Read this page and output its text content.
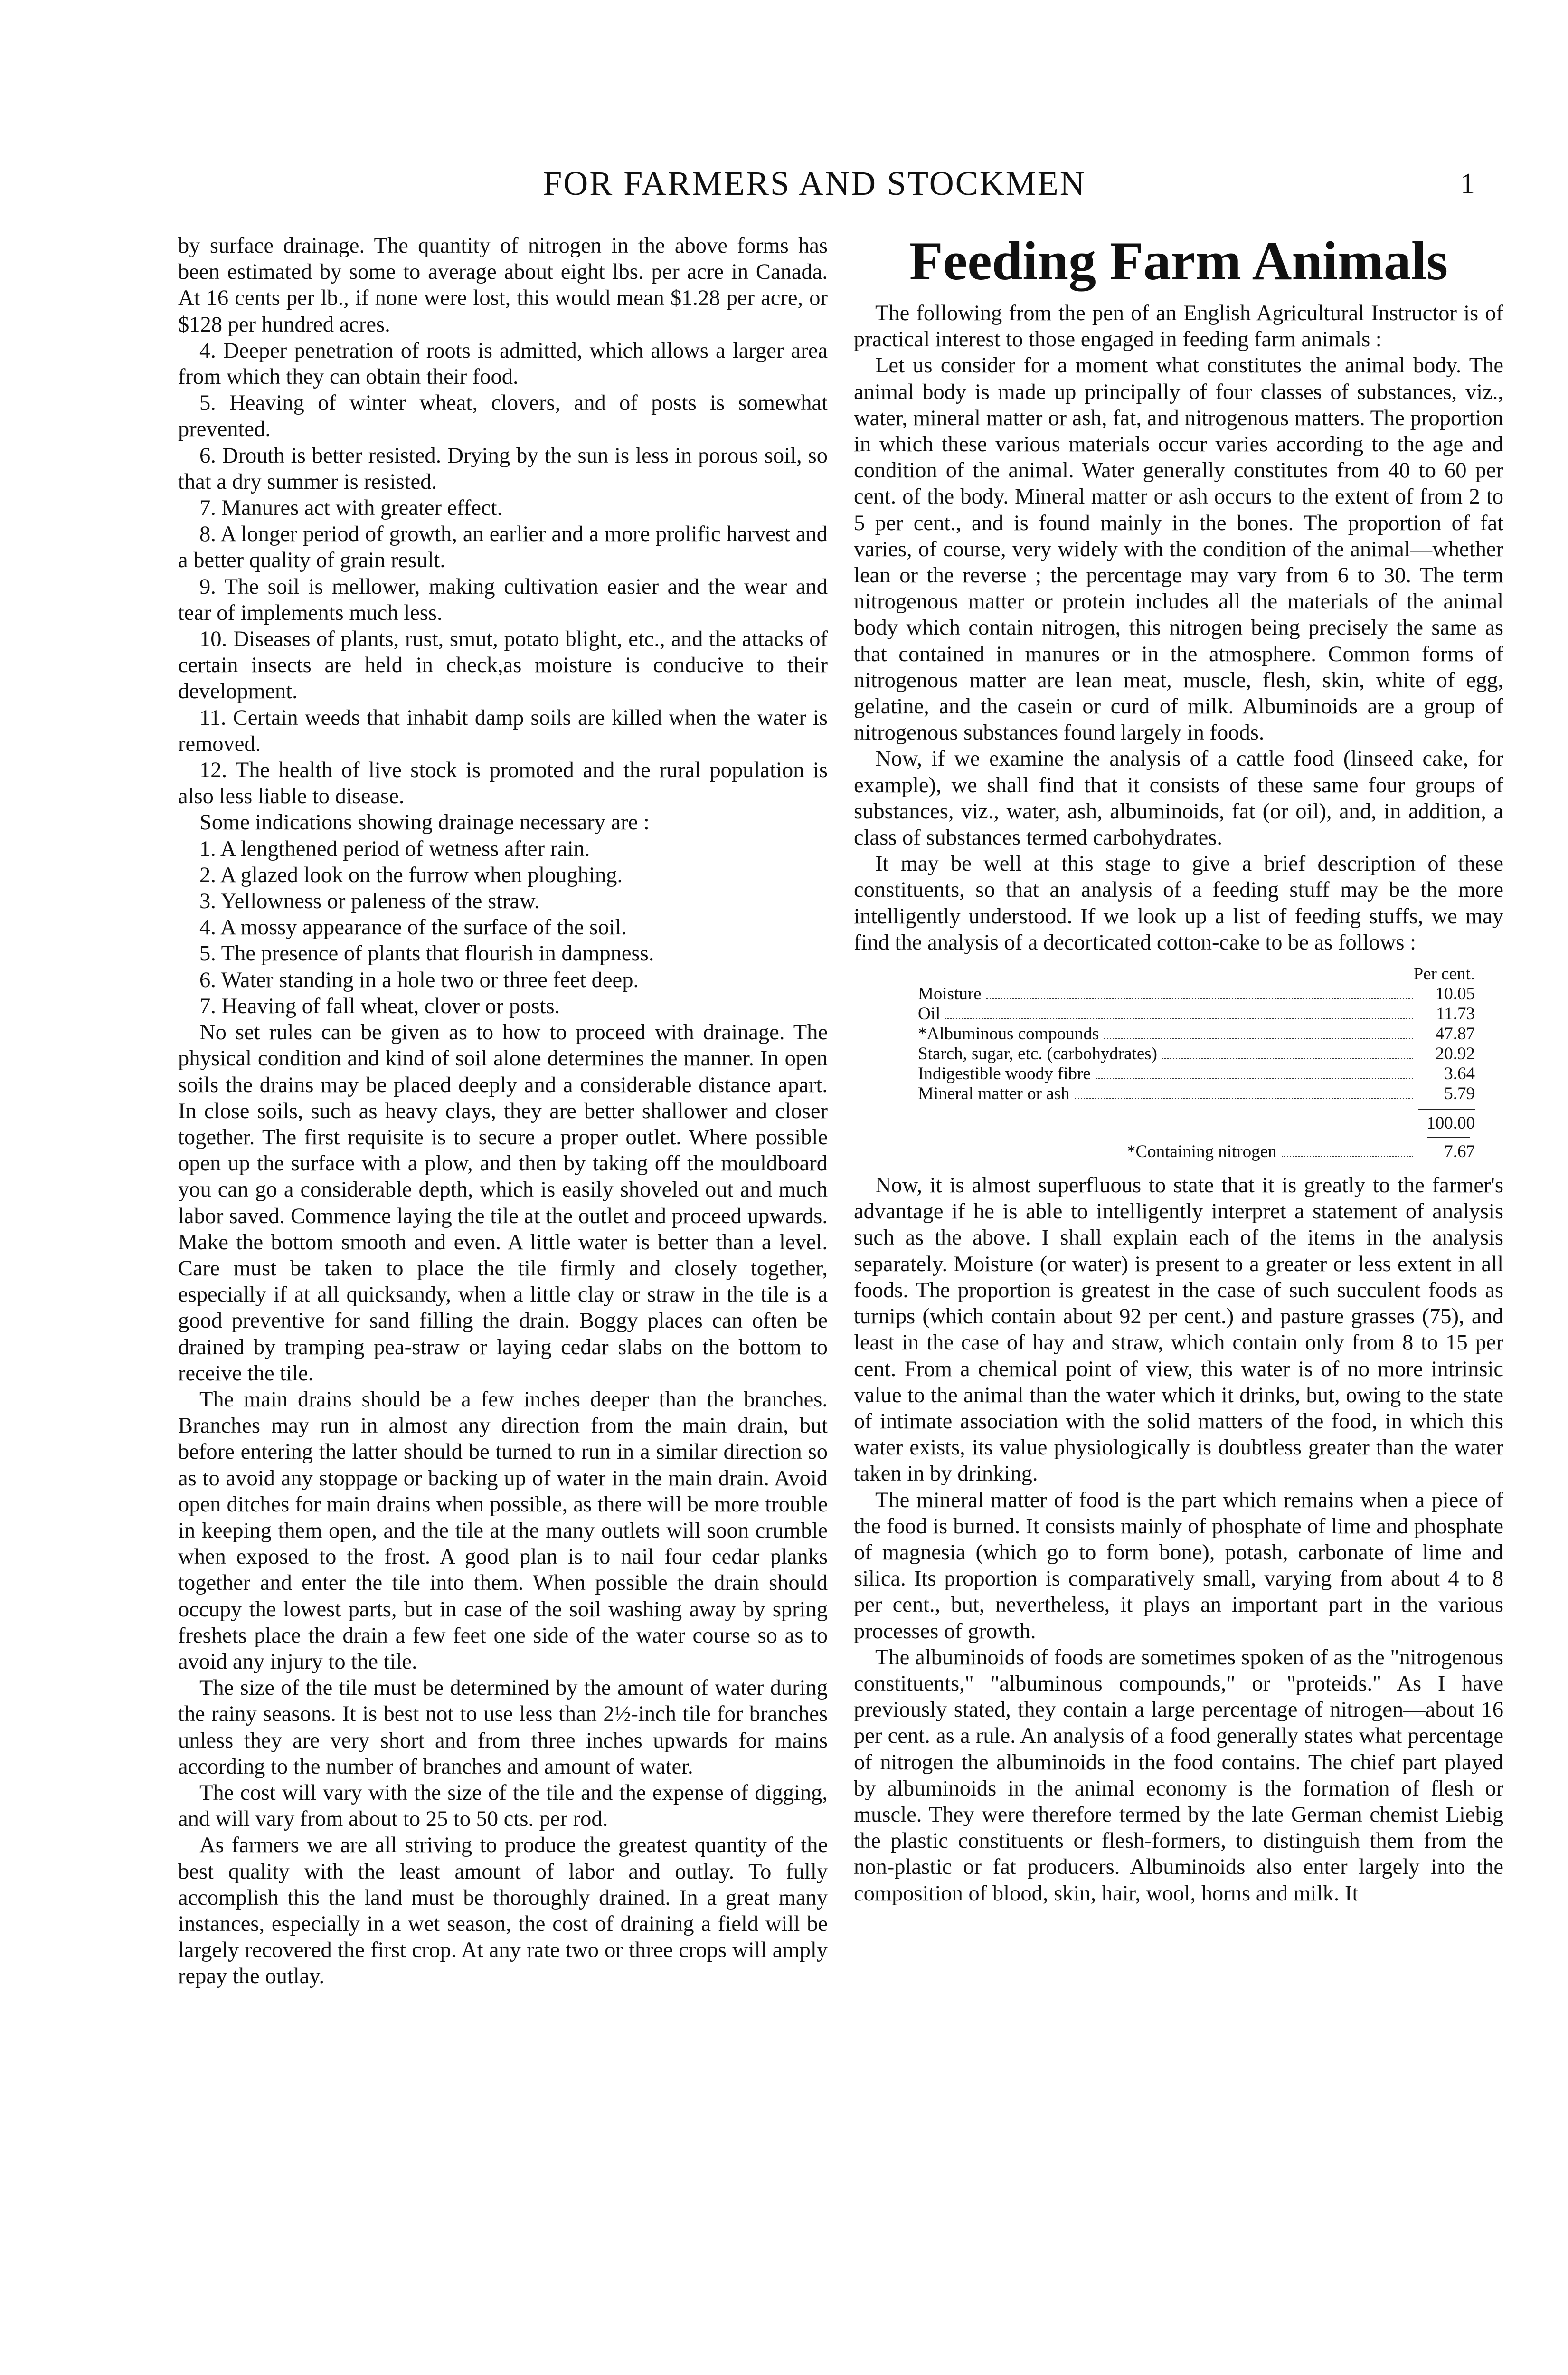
FOR FARMERS AND STOCKMEN	1

by surface drainage. The quantity of nitrogen in the above forms has been estimated by some to average about eight lbs. per acre in Canada. At 16 cents per lb., if none were lost, this would mean $1.28 per acre, or $128 per hundred acres.

4. Deeper penetration of roots is admitted, which allows a larger area from which they can obtain their food.

5. Heaving of winter wheat, clovers, and of posts is somewhat prevented.

6. Drouth is better resisted. Drying by the sun is less in porous soil, so that a dry summer is resisted.

7. Manures act with greater effect.

8. A longer period of growth, an earlier and a more prolific harvest and a better quality of grain result.

9. The soil is mellower, making cultivation easier and the wear and tear of implements much less.

10. Diseases of plants, rust, smut, potato blight, etc., and the attacks of certain insects are held in check,as moisture is conducive to their development.

11. Certain weeds that inhabit damp soils are killed when the water is removed.

12. The health of live stock is promoted and the rural population is also less liable to disease.

Some indications showing drainage necessary are :

1. A lengthened period of wetness after rain.

2. A glazed look on the furrow when ploughing.

3. Yellowness or paleness of the straw.

4. A mossy appearance of the surface of the soil.

5. The presence of plants that flourish in dampness.

6. Water standing in a hole two or three feet deep.

7. Heaving of fall wheat, clover or posts.

No set rules can be given as to how to proceed with drainage. The physical condition and kind of soil alone determines the manner. In open soils the drains may be placed deeply and a considerable distance apart. In close soils, such as heavy clays, they are better shallower and closer together. The first requisite is to secure a proper outlet. Where possible open up the surface with a plow, and then by taking off the mouldboard you can go a considerable depth, which is easily shoveled out and much labor saved. Commence laying the tile at the outlet and proceed upwards. Make the bottom smooth and even. A little water is better than a level. Care must be taken to place the tile firmly and closely together, especially if at all quicksandy, when a little clay or straw in the tile is a good preventive for sand filling the drain. Boggy places can often be drained by tramping pea-straw or laying cedar slabs on the bottom to receive the tile.

The main drains should be a few inches deeper than the branches. Branches may run in almost any direction from the main drain, but before entering the latter should be turned to run in a similar direction so as to avoid any stoppage or backing up of water in the main drain. Avoid open ditches for main drains when possible, as there will be more trouble in keeping them open, and the tile at the many outlets will soon crumble when exposed to the frost. A good plan is to nail four cedar planks together and enter the tile into them. When possible the drain should occupy the lowest parts, but in case of the soil washing away by spring freshets place the drain a few feet one side of the water course so as to avoid any injury to the tile.

The size of the tile must be determined by the amount of water during the rainy seasons. It is best not to use less than 2½-inch tile for branches unless they are very short and from three inches upwards for mains according to the number of branches and amount of water.

The cost will vary with the size of the tile and the expense of digging, and will vary from about to 25 to 50 cts. per rod.

As farmers we are all striving to produce the greatest quantity of the best quality with the least amount of labor and outlay. To fully accomplish this the land must be thoroughly drained. In a great many instances, especially in a wet season, the cost of draining a field will be largely recovered the first crop. At any rate two or three crops will amply repay the outlay.

Feeding Farm Animals

The following from the pen of an English Agricultural Instructor is of practical interest to those engaged in feeding farm animals :

Let us consider for a moment what constitutes the animal body. The animal body is made up principally of four classes of substances, viz., water, mineral matter or ash, fat, and nitrogenous matters. The proportion in which these various materials occur varies according to the age and condition of the animal. Water generally constitutes from 40 to 60 per cent. of the body. Mineral matter or ash occurs to the extent of from 2 to 5 per cent., and is found mainly in the bones. The proportion of fat varies, of course, very widely with the condition of the animal—whether lean or the reverse ; the percentage may vary from 6 to 30. The term nitrogenous matter or protein includes all the materials of the animal body which contain nitrogen, this nitrogen being precisely the same as that contained in manures or in the atmosphere. Common forms of nitrogenous matter are lean meat, muscle, flesh, skin, white of egg, gelatine, and the casein or curd of milk. Albuminoids are a group of nitrogenous substances found largely in foods.

Now, if we examine the analysis of a cattle food (linseed cake, for example), we shall find that it consists of these same four groups of substances, viz., water, ash, albuminoids, fat (or oil), and, in addition, a class of substances termed carbohydrates.

It may be well at this stage to give a brief description of these constituents, so that an analysis of a feeding stuff may be the more intelligently understood. If we look up a list of feeding stuffs, we may find the analysis of a decorticated cotton-cake to be as follows :

Per cent.
Moisture	10.05
Oil	11.73
*Albuminous compounds	47.87
Starch, sugar, etc. (carbohydrates)	20.92
Indigestible woody fibre	3.64
Mineral matter or ash	5.79
100.00
*Containing nitrogen	7.67

Now, it is almost superfluous to state that it is greatly to the farmer's advantage if he is able to intelligently interpret a statement of analysis such as the above. I shall explain each of the items in the analysis separately. Moisture (or water) is present to a greater or less extent in all foods. The proportion is greatest in the case of such succulent foods as turnips (which contain about 92 per cent.) and pasture grasses (75), and least in the case of hay and straw, which contain only from 8 to 15 per cent. From a chemical point of view, this water is of no more intrinsic value to the animal than the water which it drinks, but, owing to the state of intimate association with the solid matters of the food, in which this water exists, its value physiologically is doubtless greater than the water taken in by drinking.

The mineral matter of food is the part which remains when a piece of the food is burned. It consists mainly of phosphate of lime and phosphate of magnesia (which go to form bone), potash, carbonate of lime and silica. Its proportion is comparatively small, varying from about 4 to 8 per cent., but, nevertheless, it plays an important part in the various processes of growth.

The albuminoids of foods are sometimes spoken of as the "nitrogenous constituents," "albuminous compounds," or "proteids." As I have previously stated, they contain a large percentage of nitrogen—about 16 per cent. as a rule. An analysis of a food generally states what percentage of nitrogen the albuminoids in the food contains. The chief part played by albuminoids in the animal economy is the formation of flesh or muscle. They were therefore termed by the late German chemist Liebig the plastic constituents or flesh-formers, to distinguish them from the non-plastic or fat producers. Albuminoids also enter largely into the composition of blood, skin, hair, wool, horns and milk. It
